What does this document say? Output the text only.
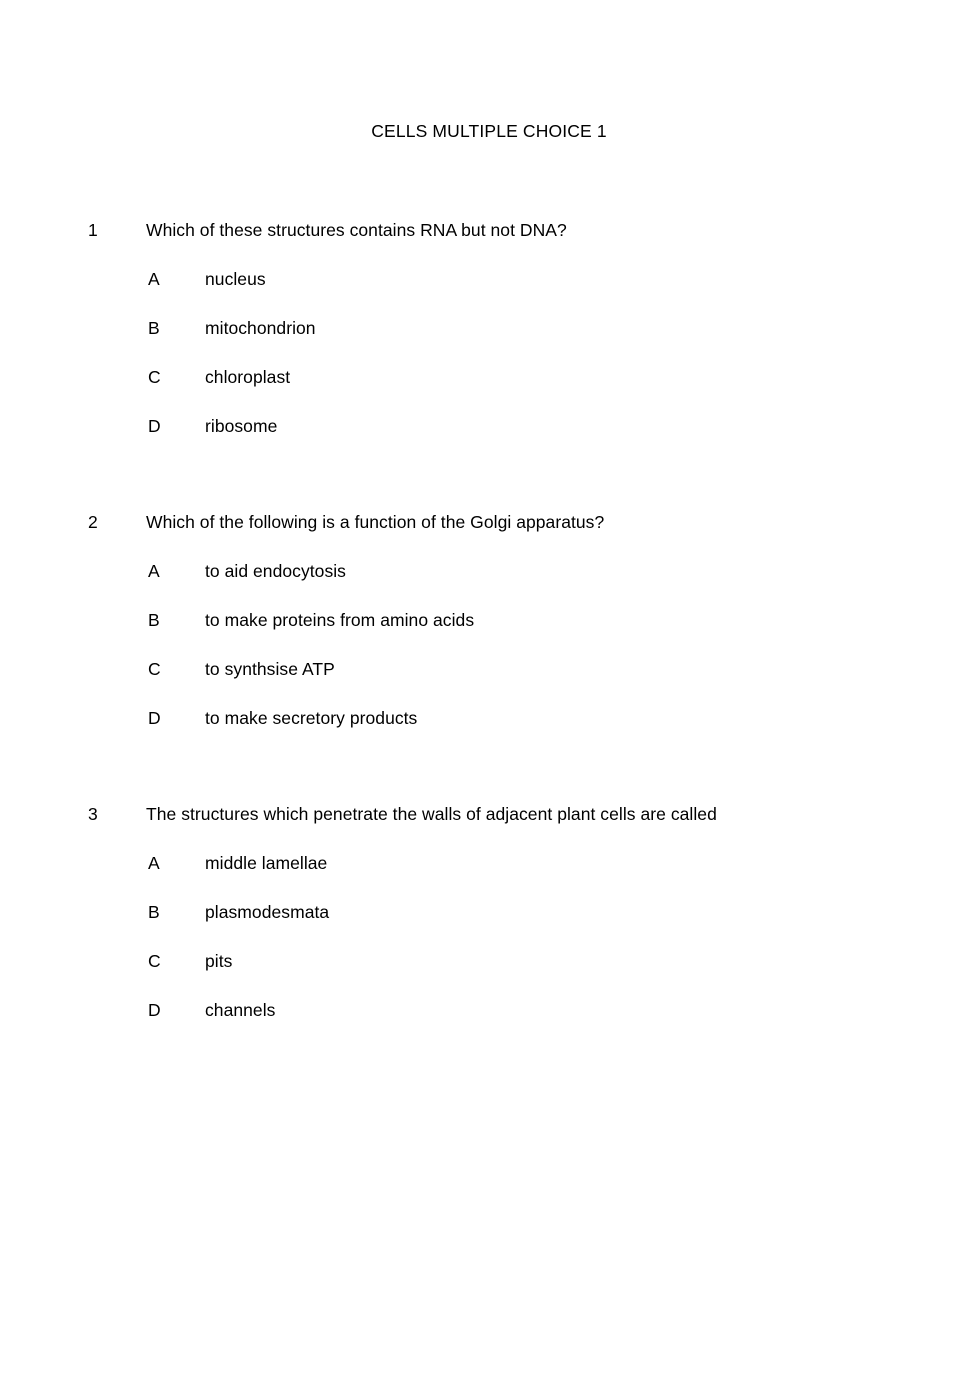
CELLS MULTIPLE CHOICE 1
1	Which of these structures contains RNA but not DNA?
A	nucleus
B	mitochondrion
C	chloroplast
D	ribosome
2	Which of the following is a function of the Golgi apparatus?
A	to aid endocytosis
B	to make proteins from amino acids
C	to synthsise ATP
D	to make secretory products
3	The structures which penetrate the walls of adjacent plant cells are called
A	middle lamellae
B	plasmodesmata
C	pits
D	channels
